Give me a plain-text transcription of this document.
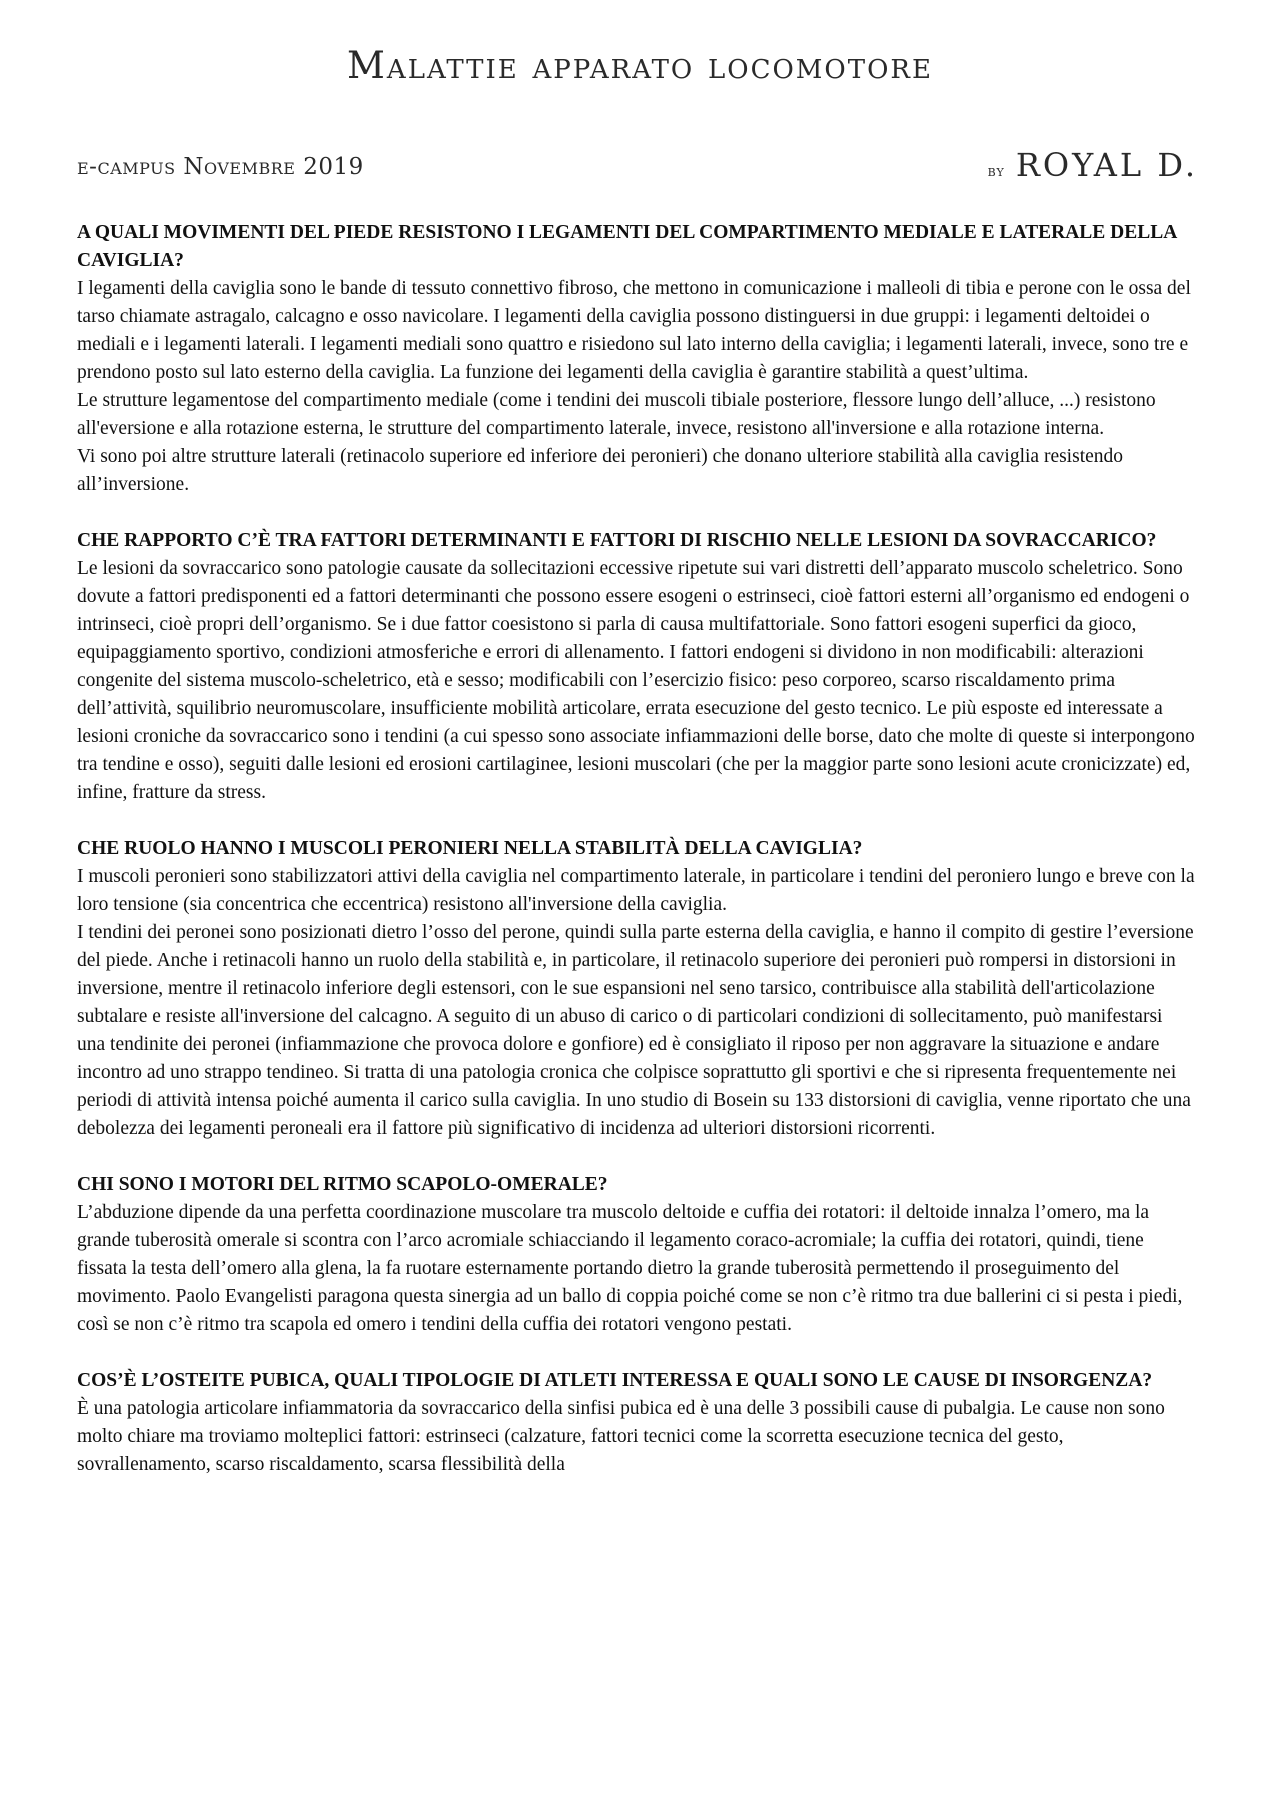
Malattie apparato locomotore
e-campus Novembre 2019	by ROYAL D.

A QUALI MOVIMENTI DEL PIEDE RESISTONO I LEGAMENTI DEL COMPARTIMENTO MEDIALE E LATERALE DELLA CAVIGLIA?

I legamenti della caviglia sono le bande di tessuto connettivo fibroso, che mettono in comunicazione i malleoli di tibia e perone con le ossa del tarso chiamate astragalo, calcagno e osso navicolare. I legamenti della caviglia possono distinguersi in due gruppi: i legamenti deltoidei o mediali e i legamenti laterali. I legamenti mediali sono quattro e risiedono sul lato interno della caviglia; i legamenti laterali, invece, sono tre e prendono posto sul lato esterno della caviglia. La funzione dei legamenti della caviglia è garantire stabilità a quest’ultima.

Le strutture legamentose del compartimento mediale (come i tendini dei muscoli tibiale posteriore, flessore lungo dell’alluce, ...) resistono all'eversione e alla rotazione esterna, le strutture del compartimento laterale, invece, resistono all'inversione e alla rotazione interna.

Vi sono poi altre strutture laterali (retinacolo superiore ed inferiore dei peronieri) che donano ulteriore stabilità alla caviglia resistendo all’inversione.

CHE RAPPORTO C’È TRA FATTORI DETERMINANTI E FATTORI DI RISCHIO NELLE LESIONI DA SOVRACCARICO?

Le lesioni da sovraccarico sono patologie causate da sollecitazioni eccessive ripetute sui vari distretti dell’apparato muscolo scheletrico. Sono dovute a fattori predisponenti ed a fattori determinanti che possono essere esogeni o estrinseci, cioè fattori esterni all’organismo ed endogeni o intrinseci, cioè propri dell’organismo. Se i due fattor coesistono si parla di causa multifattoriale. Sono fattori esogeni superfici da gioco, equipaggiamento sportivo, condizioni atmosferiche e errori di allenamento. I fattori endogeni si dividono in non modificabili: alterazioni congenite del sistema muscolo-scheletrico, età e sesso; modificabili con l’esercizio fisico: peso corporeo, scarso riscaldamento prima dell’attività, squilibrio neuromuscolare, insufficiente mobilità articolare, errata esecuzione del gesto tecnico. Le più esposte ed interessate a lesioni croniche da sovraccarico sono i tendini (a cui spesso sono associate infiammazioni delle borse, dato che molte di queste si interpongono tra tendine e osso), seguiti dalle lesioni ed erosioni cartilaginee, lesioni muscolari (che per la maggior parte sono lesioni acute cronicizzate) ed, infine, fratture da stress.

CHE RUOLO HANNO I MUSCOLI PERONIERI NELLA STABILITÀ DELLA CAVIGLIA?

I muscoli peronieri sono stabilizzatori attivi della caviglia nel compartimento laterale, in particolare i tendini del peroniero lungo e breve con la loro tensione (sia concentrica che eccentrica) resistono all'inversione della caviglia.

I tendini dei peronei sono posizionati dietro l’osso del perone, quindi sulla parte esterna della caviglia, e hanno il compito di gestire l’eversione del piede. Anche i retinacoli hanno un ruolo della stabilità e, in particolare, il retinacolo superiore dei peronieri può rompersi in distorsioni in inversione, mentre il retinacolo inferiore degli estensori, con le sue espansioni nel seno tarsico, contribuisce alla stabilità dell'articolazione subtalare e resiste all'inversione del calcagno. A seguito di un abuso di carico o di particolari condizioni di sollecitamento, può manifestarsi una tendinite dei peronei (infiammazione che provoca dolore e gonfiore) ed è consigliato il riposo per non aggravare la situazione e andare incontro ad uno strappo tendineo. Si tratta di una patologia cronica che colpisce soprattutto gli sportivi e che si ripresenta frequentemente nei periodi di attività intensa poiché aumenta il carico sulla caviglia. In uno studio di Bosein su 133 distorsioni di caviglia, venne riportato che una debolezza dei legamenti peroneali era il fattore più significativo di incidenza ad ulteriori distorsioni ricorrenti.

CHI SONO I MOTORI DEL RITMO SCAPOLO-OMERALE?

L’abduzione dipende da una perfetta coordinazione muscolare tra muscolo deltoide e cuffia dei rotatori: il deltoide innalza l’omero, ma la grande tuberosità omerale si scontra con l’arco acromiale schiacciando il legamento coraco-acromiale; la cuffia dei rotatori, quindi, tiene fissata la testa dell’omero alla glena, la fa ruotare esternamente portando dietro la grande tuberosità permettendo il proseguimento del movimento. Paolo Evangelisti paragona questa sinergia ad un ballo di coppia poiché come se non c’è ritmo tra due ballerini ci si pesta i piedi, così se non c’è ritmo tra scapola ed omero i tendini della cuffia dei rotatori vengono pestati.

COS’È L’OSTEITE PUBICA, QUALI TIPOLOGIE DI ATLETI INTERESSA E QUALI SONO LE CAUSE DI INSORGENZA?

È una patologia articolare infiammatoria da sovraccarico della sinfisi pubica ed è una delle 3 possibili cause di pubalgia. Le cause non sono molto chiare ma troviamo molteplici fattori: estrinseci (calzature, fattori tecnici come la scorretta esecuzione tecnica del gesto, sovrallenamento, scarso riscaldamento, scarsa flessibilità della
